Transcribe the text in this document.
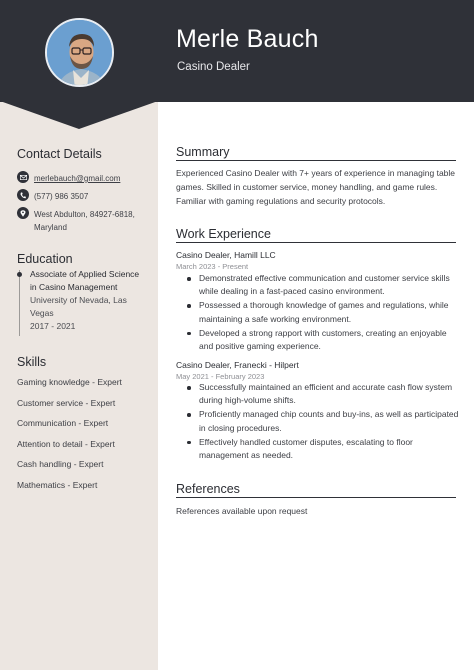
Merle Bauch
Casino Dealer
Contact Details
merlebauch@gmail.com
(577) 986 3507
West Abdulton, 84927-6818,
Maryland
Education
Associate of Applied Science
in Casino Management
University of Nevada, Las
Vegas
2017 - 2021
Skills
Gaming knowledge - Expert
Customer service - Expert
Communication - Expert
Attention to detail - Expert
Cash handling - Expert
Mathematics - Expert
Summary
Experienced Casino Dealer with 7+ years of experience in managing table games. Skilled in customer service, money handling, and game rules. Familiar with gaming regulations and security protocols.
Work Experience
Casino Dealer, Hamill LLC
March 2023 - Present
Demonstrated effective communication and customer service skills while dealing in a fast-paced casino environment.
Possessed a thorough knowledge of games and regulations, while maintaining a safe working environment.
Developed a strong rapport with customers, creating an enjoyable and positive gaming experience.
Casino Dealer, Franecki - Hilpert
May 2021 - February 2023
Successfully maintained an efficient and accurate cash flow system during high-volume shifts.
Proficiently managed chip counts and buy-ins, as well as participated in closing procedures.
Effectively handled customer disputes, escalating to floor management as needed.
References
References available upon request
